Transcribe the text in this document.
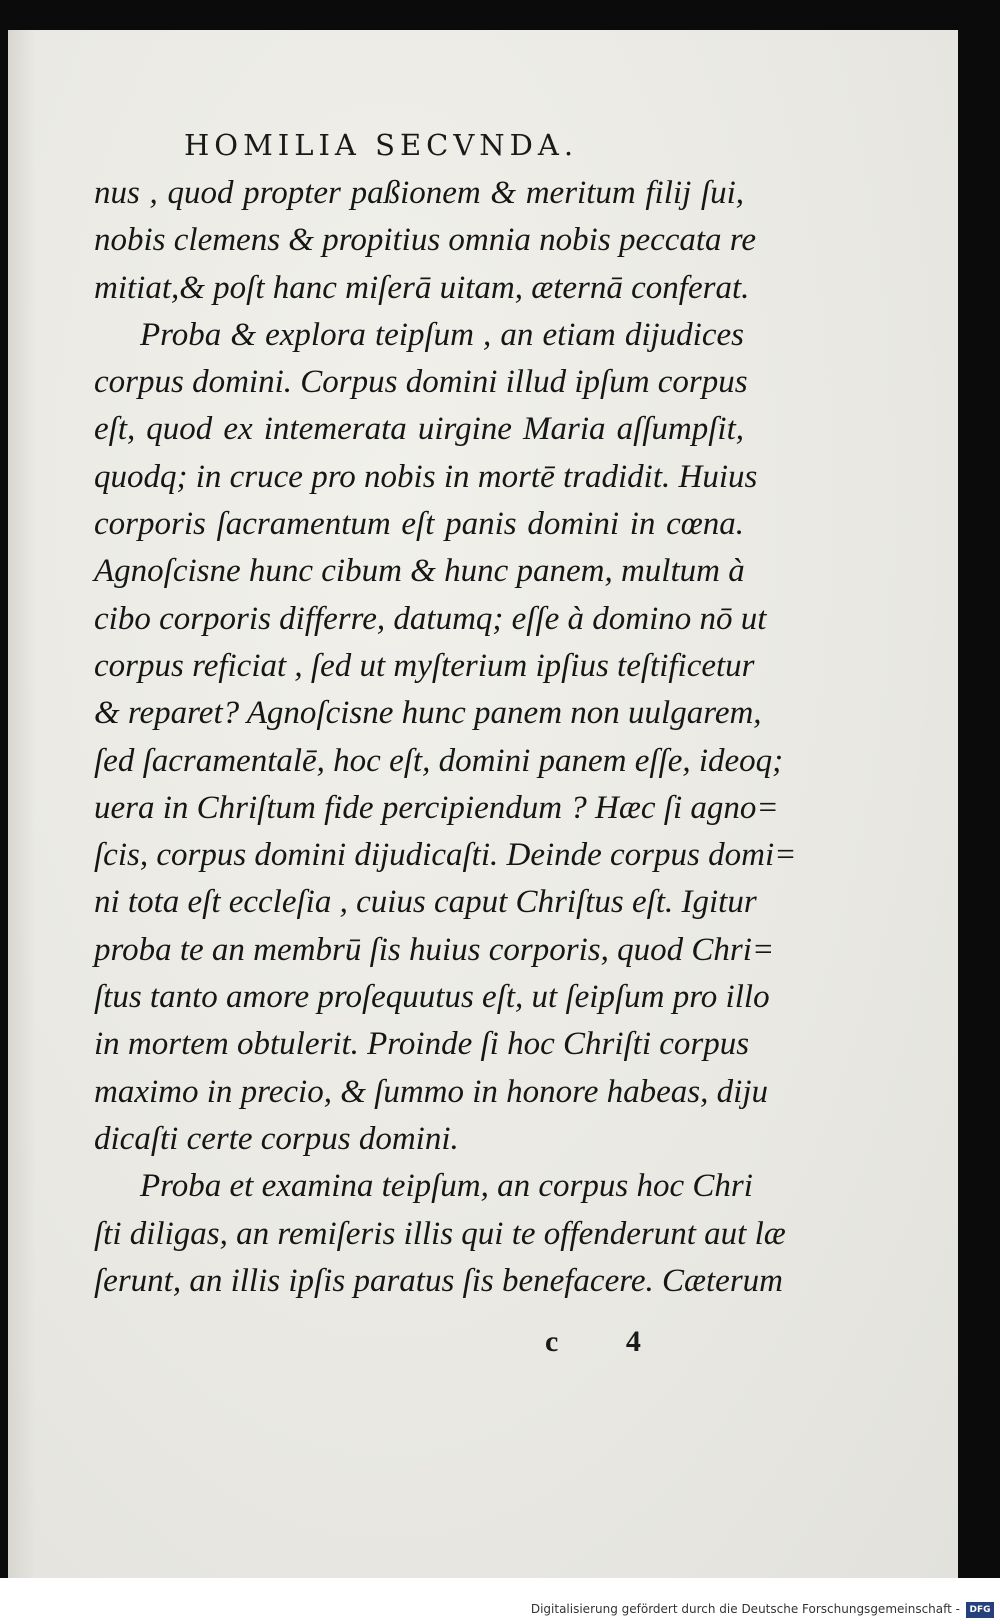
HOMILIA SECVNDA.
nus , quod propter paßionem & meritum filij ſui,
nobis clemens & propitius omnia nobis peccata re
mitiat,& poſt hanc miſerā uitam, æternā conferat.
Proba & explora teipſum , an etiam dijudices
corpus domini. Corpus domini illud ipſum corpus
eſt, quod ex intemerata uirgine Maria aſſumpſit,
quodq; in cruce pro nobis in mortē tradidit. Huius
corporis ſacramentum eſt panis domini in cœna.
Agnoſcisne hunc cibum & hunc panem, multum à
cibo corporis differre, datumq; eſſe à domino nō ut
corpus reficiat , ſed ut myſterium ipſius teſtificetur
& reparet? Agnoſcisne hunc panem non uulgarem,
ſed ſacramentalē, hoc eſt, domini panem eſſe, ideoq;
uera in Chriſtum fide percipiendum ? Hæc ſi agno=
ſcis, corpus domini dijudicaſti. Deinde corpus domi=
ni tota eſt eccleſia , cuius caput Chriſtus eſt. Igitur
proba te an membrū ſis huius corporis, quod Chri=
ſtus tanto amore proſequutus eſt, ut ſeipſum pro illo
in mortem obtulerit. Proinde ſi hoc Chriſti corpus
maximo in precio, & ſummo in honore habeas, diju
dicaſti certe corpus domini.
Proba et examina teipſum, an corpus hoc Chri
ſti diligas, an remiſeris illis qui te offenderunt aut læ
ſerunt, an illis ipſis paratus ſis benefacere. Cæterum
c 4
Digitalisierung gefördert durch die Deutsche Forschungsgemeinschaft -	DFG
